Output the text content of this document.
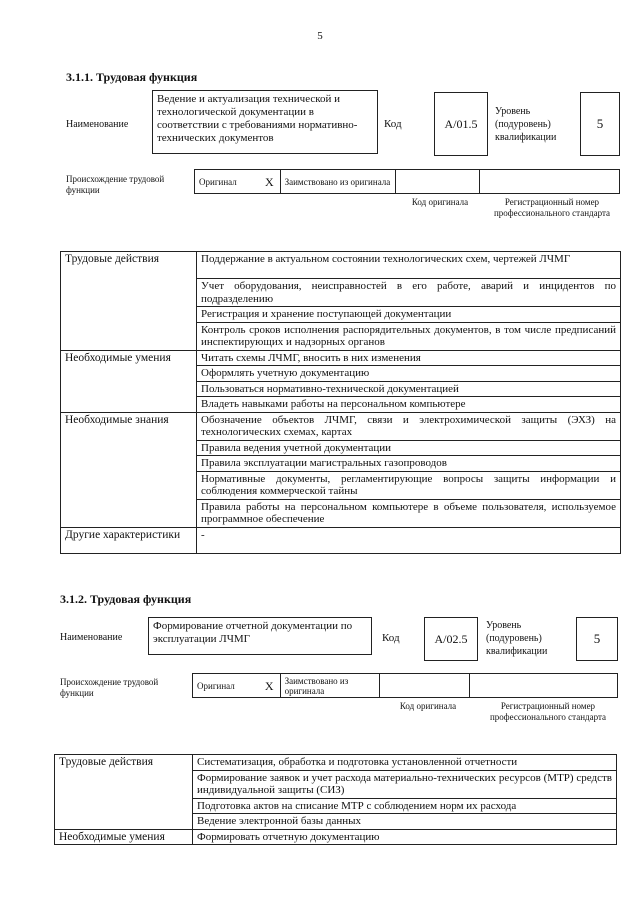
5
3.1.1. Трудовая функция
Наименование
Ведение и актуализация технической и технологической документации в соответствии с требованиями нормативно-технических документов
Код	A/01.5
Уровень (подуровень) квалификации
5
Происхождение трудовой функции
Оригинал X	Заимствовано из оригинала
Код оригинала	Регистрационный номер профессионального стандарта
Трудовые действия	Поддержание в актуальном состоянии технологических схем, чертежей ЛЧМГ
	Учет оборудования, неисправностей в его работе, аварий и инцидентов по подразделению
	Регистрация и хранение поступающей документации
	Контроль сроков исполнения распорядительных документов, в том числе предписаний инспектирующих и надзорных органов
Необходимые умения	Читать схемы ЛЧМГ, вносить в них изменения
	Оформлять учетную документацию
	Пользоваться нормативно-технической документацией
	Владеть навыками работы на персональном компьютере
Необходимые знания	Обозначение объектов ЛЧМГ, связи и электрохимической защиты (ЭХЗ) на технологических схемах, картах
	Правила ведения учетной документации
	Правила эксплуатации магистральных газопроводов
	Нормативные документы, регламентирующие вопросы защиты информации и соблюдения коммерческой тайны
	Правила работы на персональном компьютере в объеме пользователя, используемое программное обеспечение
Другие характеристики	-
3.1.2. Трудовая функция
Наименование
Формирование отчетной документации по эксплуатации ЛЧМГ	Код	A/02.5
Уровень (подуровень) квалификации
5
Происхождение трудовой функции
Оригинал	X	Заимствовано из оригинала
Код оригинала	Регистрационный номер профессионального стандарта
Трудовые действия	Систематизация, обработка и подготовка установленной отчетности
	Формирование заявок и учет расхода материально-технических ресурсов (МТР) средств индивидуальной защиты (СИЗ)
	Подготовка актов на списание МТР с соблюдением норм их расхода
	Ведение электронной базы данных
Необходимые умения	Формировать отчетную документацию
